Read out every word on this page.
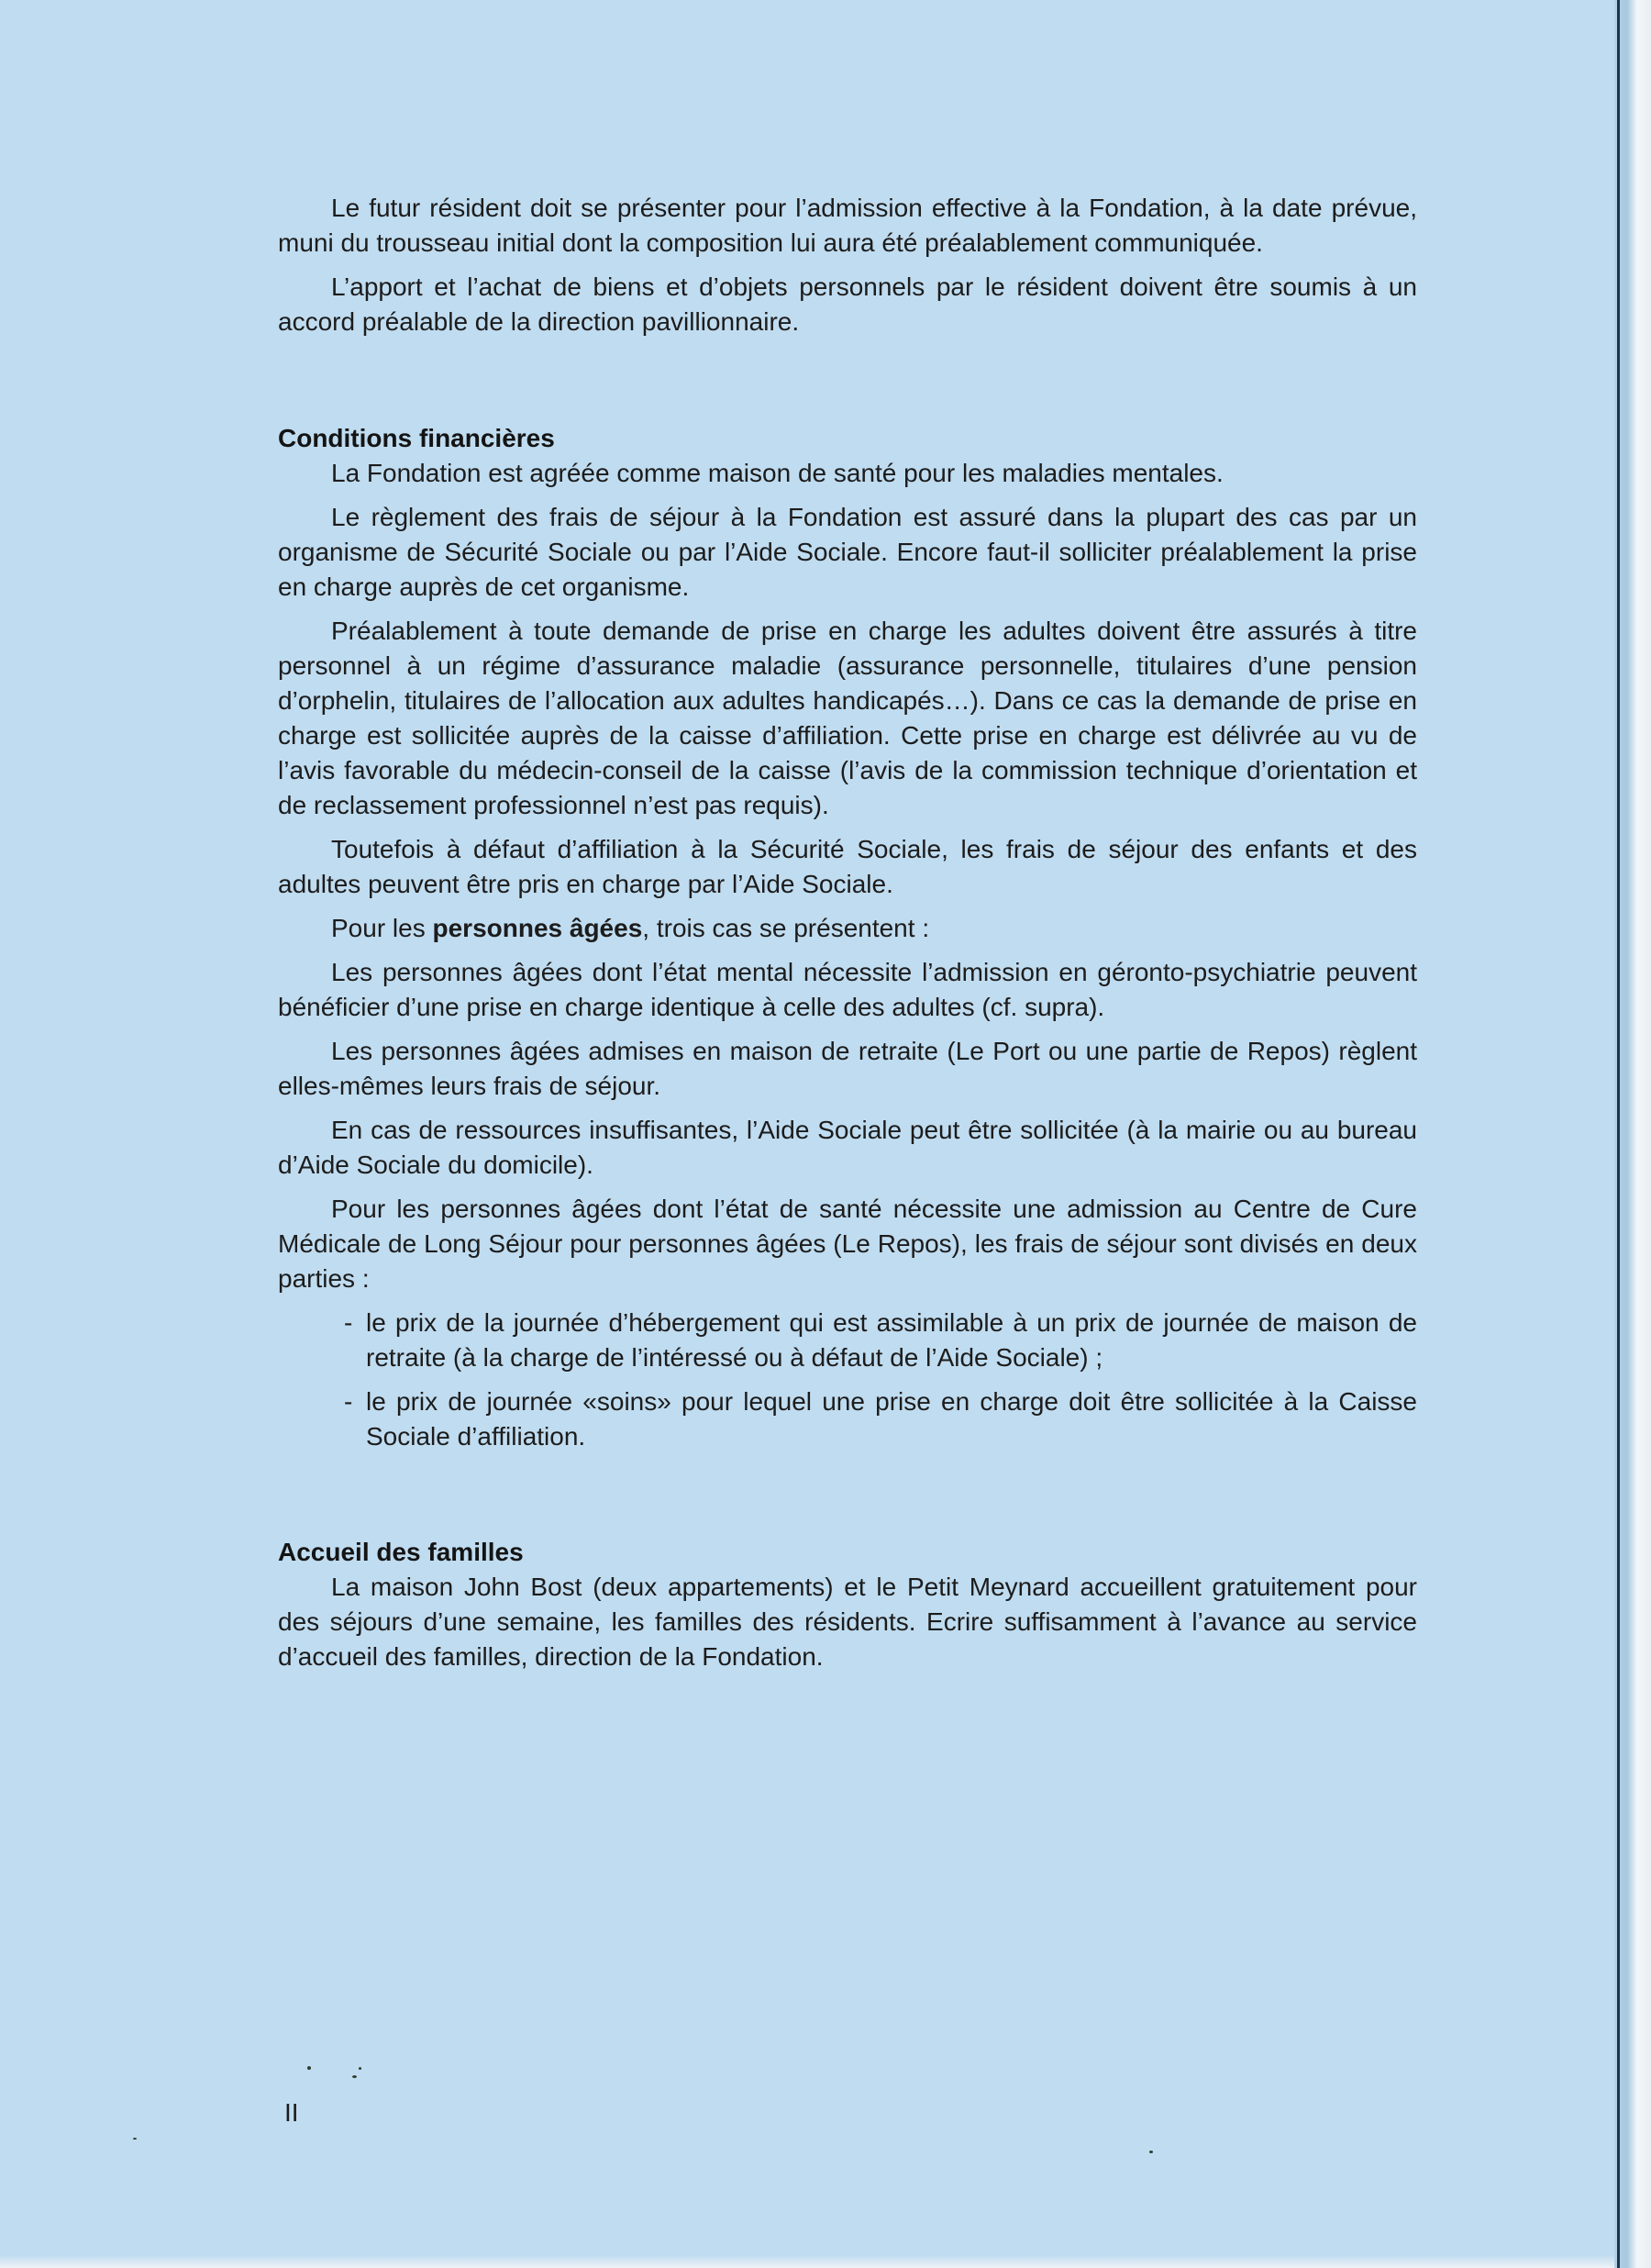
Le futur résident doit se présenter pour l’admission effective à la Fondation, à la date prévue, muni du trousseau initial dont la composition lui aura été préalablement communiquée.

L’apport et l’achat de biens et d’objets personnels par le résident doivent être soumis à un accord préalable de la direction pavillionnaire.

Conditions financières

La Fondation est agréée comme maison de santé pour les maladies mentales.

Le règlement des frais de séjour à la Fondation est assuré dans la plupart des cas par un organisme de Sécurité Sociale ou par l’Aide Sociale. Encore faut-il solliciter préalablement la prise en charge auprès de cet organisme.

Préalablement à toute demande de prise en charge les adultes doivent être assurés à titre personnel à un régime d’assurance maladie (assurance personnelle, titulaires d’une pension d’orphelin, titulaires de l’allocation aux adultes handicapés…). Dans ce cas la demande de prise en charge est sollicitée auprès de la caisse d’affiliation. Cette prise en charge est délivrée au vu de l’avis favorable du médecin-conseil de la caisse (l’avis de la commission technique d’orientation et de reclassement professionnel n’est pas requis).

Toutefois à défaut d’affiliation à la Sécurité Sociale, les frais de séjour des enfants et des adultes peuvent être pris en charge par l’Aide Sociale.

Pour les personnes âgées, trois cas se présentent :

Les personnes âgées dont l’état mental nécessite l’admission en géronto-psychiatrie peuvent bénéficier d’une prise en charge identique à celle des adultes (cf. supra).

Les personnes âgées admises en maison de retraite (Le Port ou une partie de Repos) règlent elles-mêmes leurs frais de séjour.

En cas de ressources insuffisantes, l’Aide Sociale peut être sollicitée (à la mairie ou au bureau d’Aide Sociale du domicile).

Pour les personnes âgées dont l’état de santé nécessite une admission au Centre de Cure Médicale de Long Séjour pour personnes âgées (Le Repos), les frais de séjour sont divisés en deux parties :

- le prix de la journée d’hébergement qui est assimilable à un prix de journée de maison de retraite (à la charge de l’intéressé ou à défaut de l’Aide Sociale) ;
- le prix de journée «soins» pour lequel une prise en charge doit être sollicitée à la Caisse Sociale d’affiliation.
Accueil des familles

La maison John Bost (deux appartements) et le Petit Meynard accueillent gratuitement pour des séjours d’une semaine, les familles des résidents. Ecrire suffisamment à l’avance au service d’accueil des familles, direction de la Fondation.

II
